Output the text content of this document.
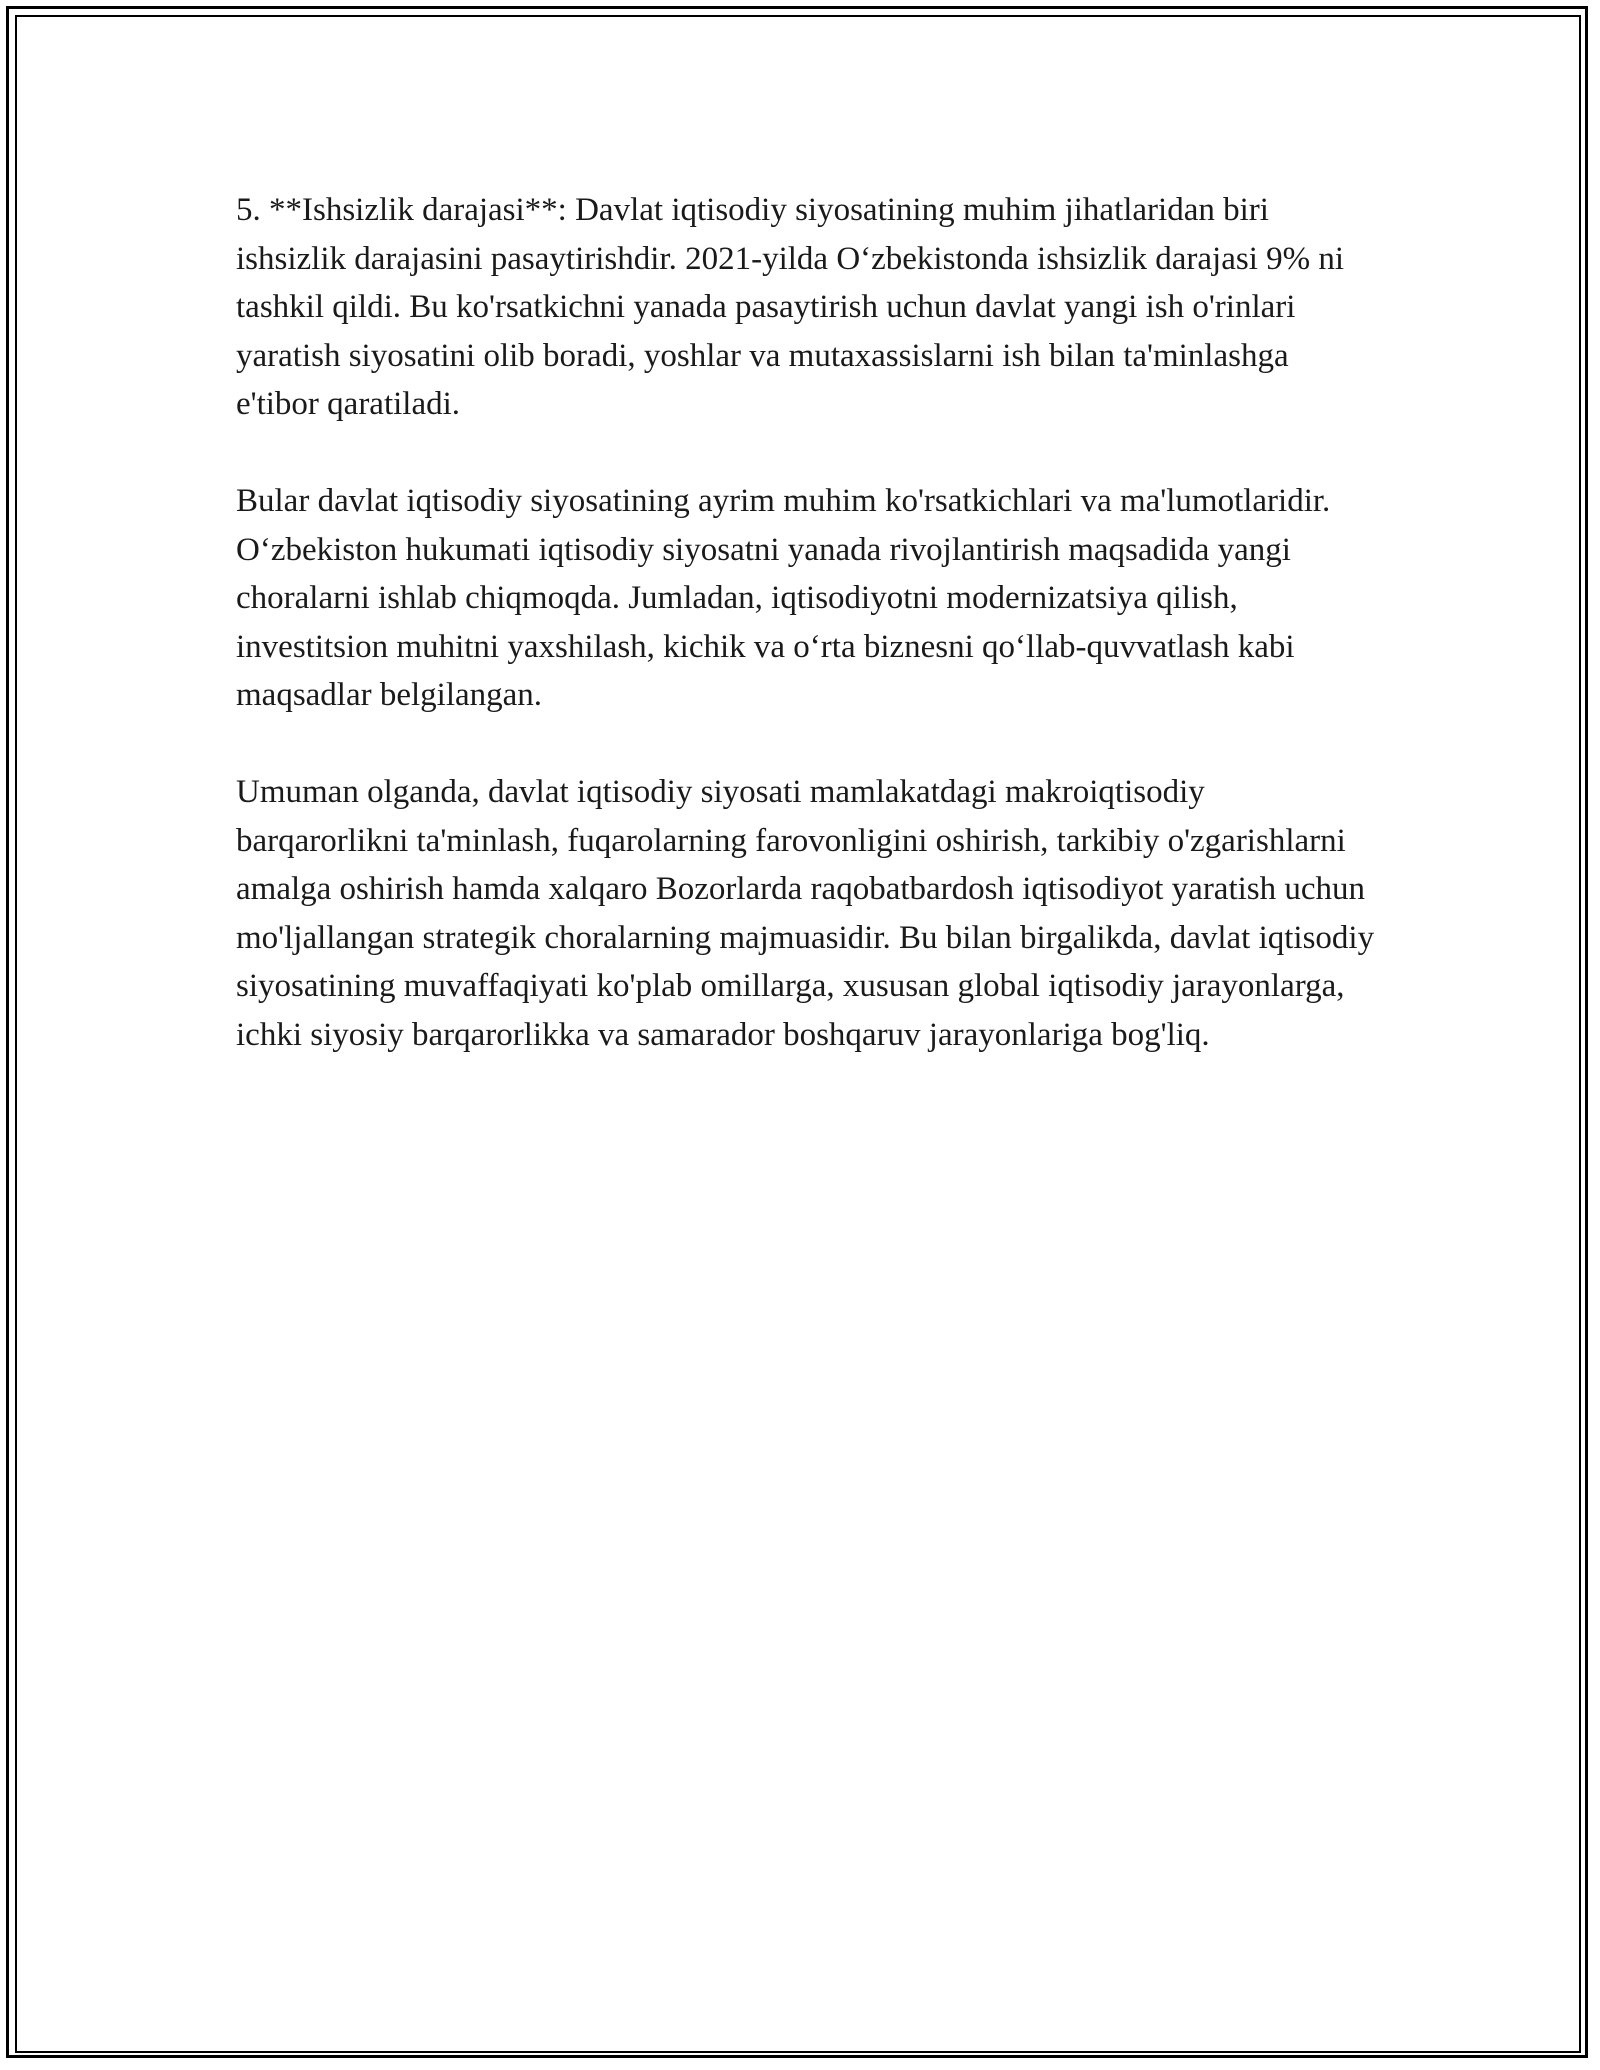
5. **Ishsizlik darajasi**: Davlat iqtisodiy siyosatining muhim jihatlaridan biri ishsizlik darajasini pasaytirishdir. 2021-yilda O‘zbekistonda ishsizlik darajasi 9% ni tashkil qildi. Bu ko'rsatkichni yanada pasaytirish uchun davlat yangi ish o'rinlari yaratish siyosatini olib boradi, yoshlar va mutaxassislarni ish bilan ta'minlashga e'tibor qaratiladi.

Bular davlat iqtisodiy siyosatining ayrim muhim ko'rsatkichlari va ma'lumotlaridir. O‘zbekiston hukumati iqtisodiy siyosatni yanada rivojlantirish maqsadida yangi choralarni ishlab chiqmoqda. Jumladan, iqtisodiyotni modernizatsiya qilish, investitsion muhitni yaxshilash, kichik va o‘rta biznesni qo‘llab-quvvatlash kabi maqsadlar belgilangan.

Umuman olganda, davlat iqtisodiy siyosati mamlakatdagi makroiqtisodiy barqarorlikni ta'minlash, fuqarolarning farovonligini oshirish, tarkibiy o'zgarishlarni amalga oshirish hamda xalqaro Bozorlarda raqobatbardosh iqtisodiyot yaratish uchun mo'ljallangan strategik choralarning majmuasidir. Bu bilan birgalikda, davlat iqtisodiy siyosatining muvaffaqiyati ko'plab omillarga, xususan global iqtisodiy jarayonlarga, ichki siyosiy barqarorlikka va samarador boshqaruv jarayonlariga bog'liq.
